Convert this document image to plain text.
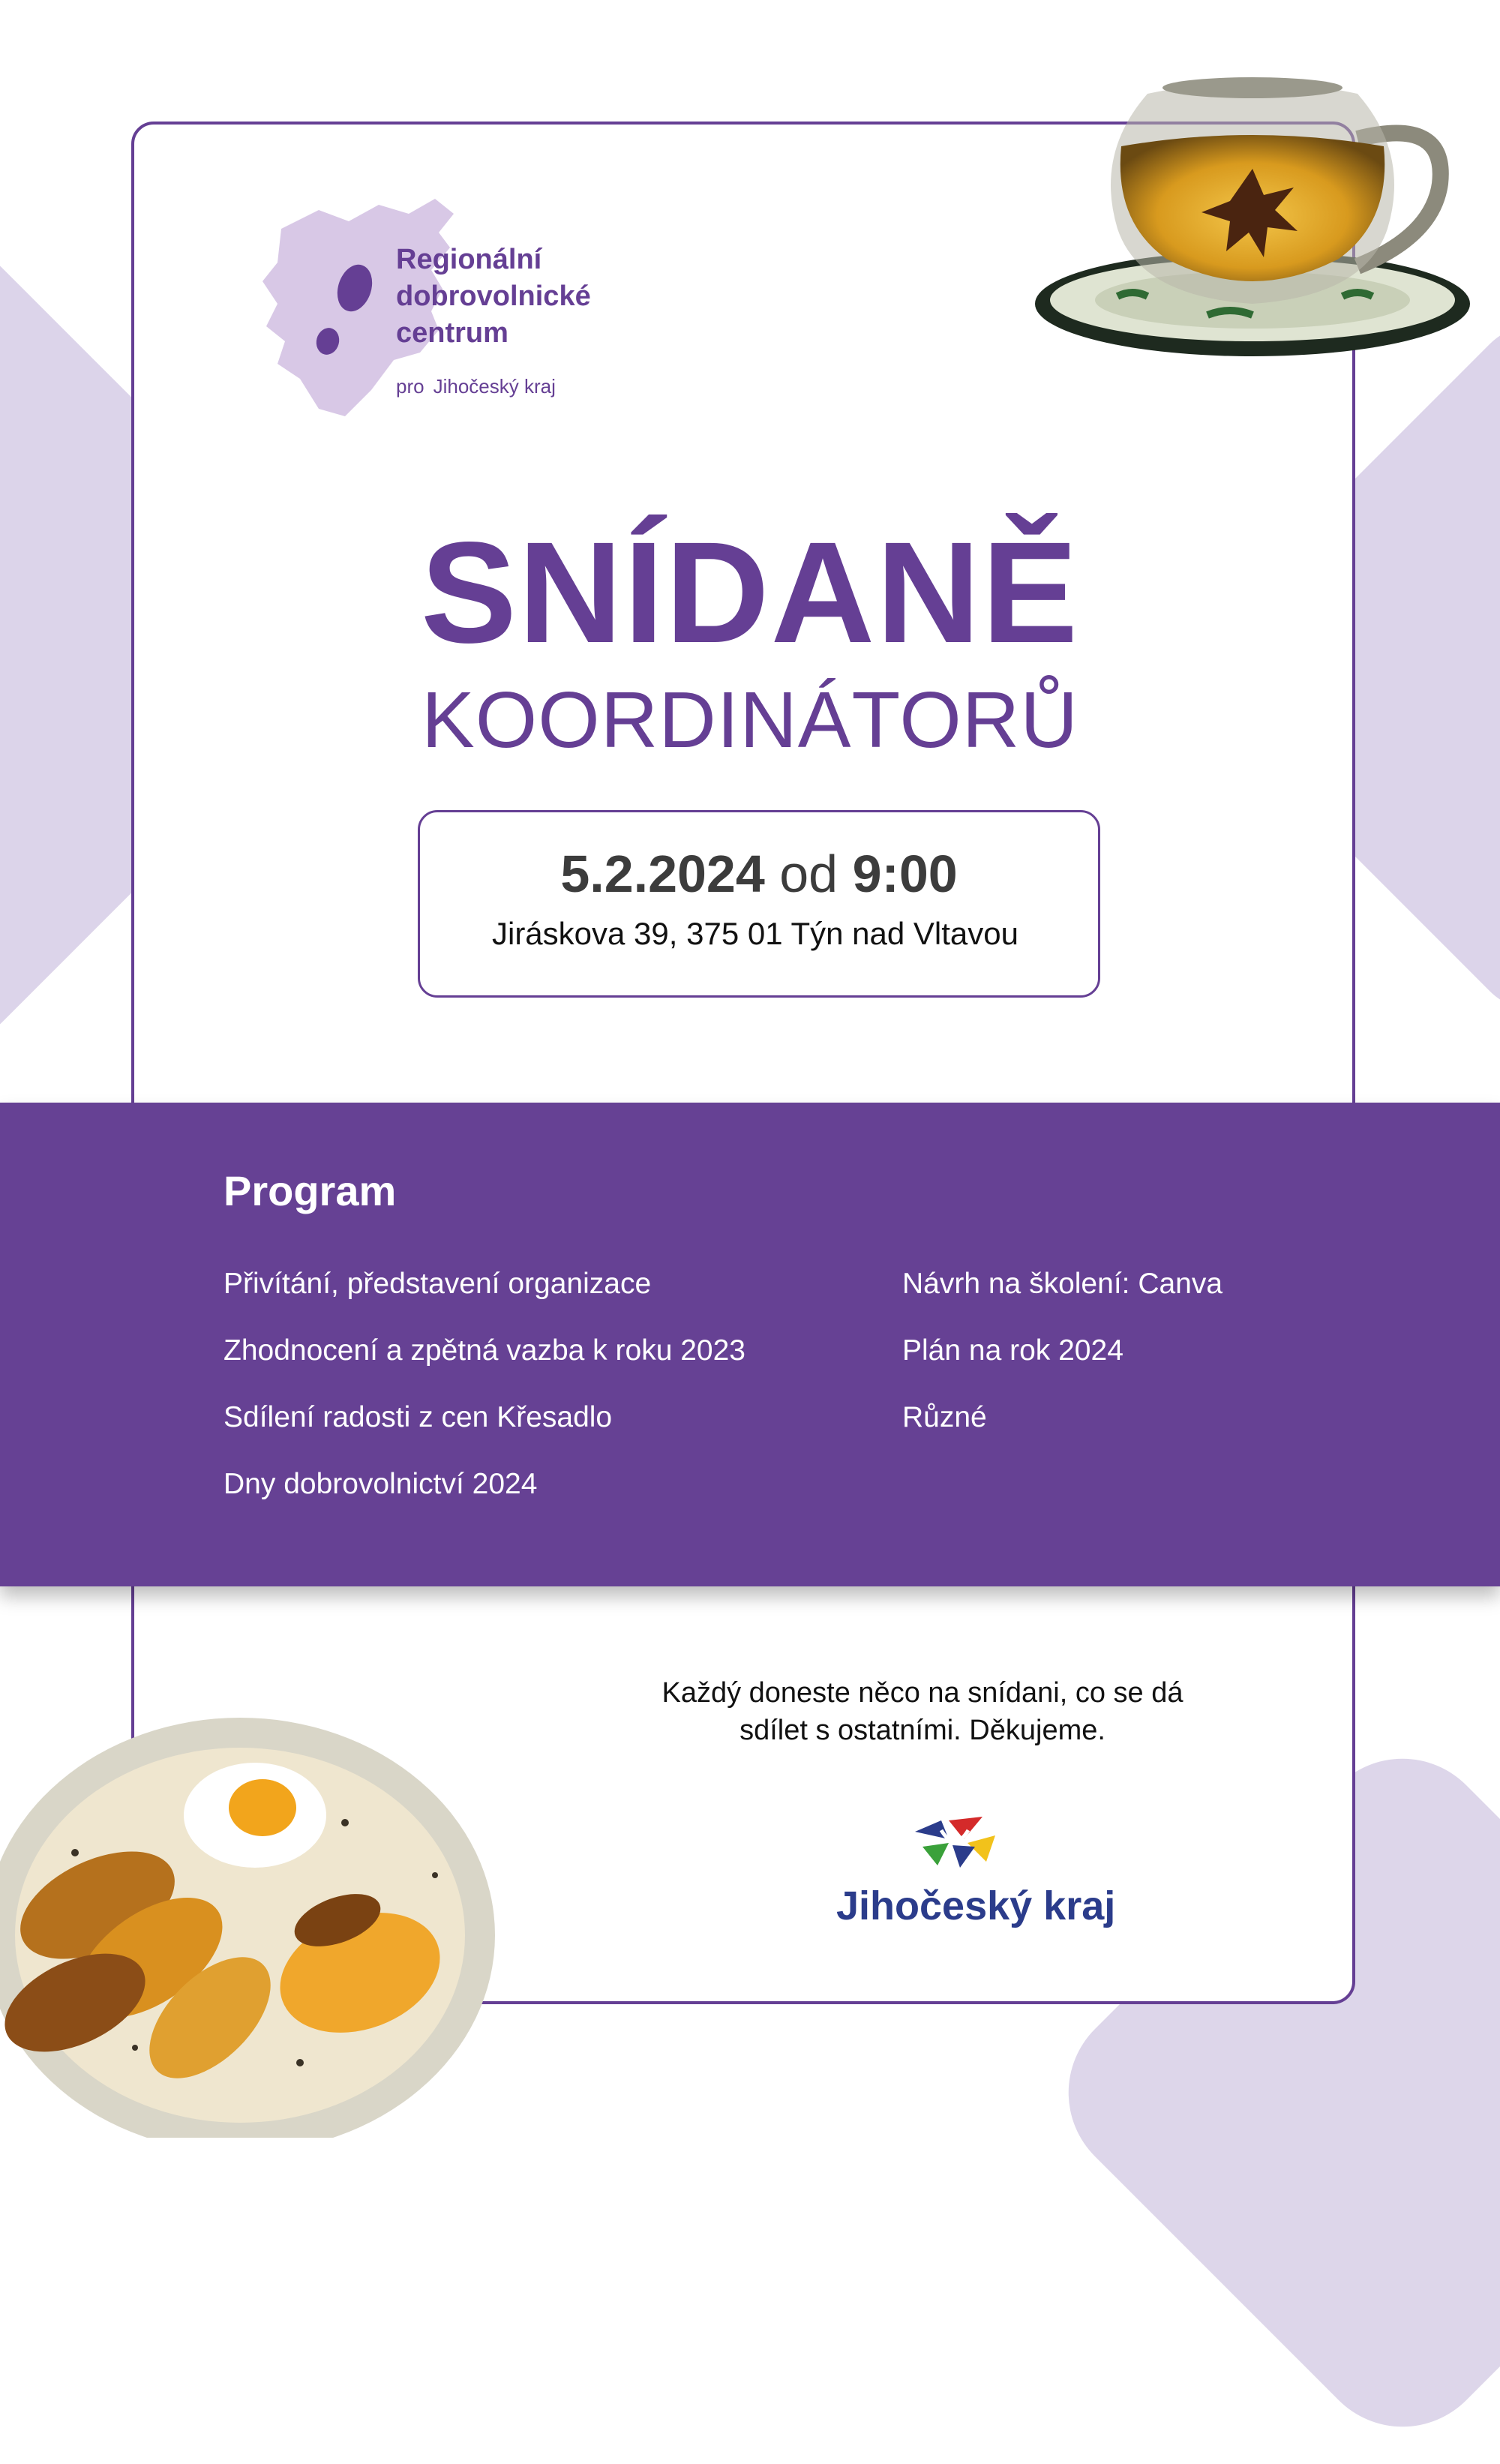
Regionální
dobrovolnické
centrum
pro Jihočeský kraj
SNÍDANĚ
KOORDINÁTORŮ
5.2.2024 od 9:00
Jiráskova 39, 375 01 Týn nad Vltavou
Program
Přivítání, představení organizace
Zhodnocení a zpětná vazba k roku 2023
Sdílení radosti z cen Křesadlo
Dny dobrovolnictví 2024
Návrh na školení: Canva
Plán na rok 2024
Různé
Každý doneste něco na snídani, co se dá
sdílet s ostatními. Děkujeme.
Jihočeský kraj
